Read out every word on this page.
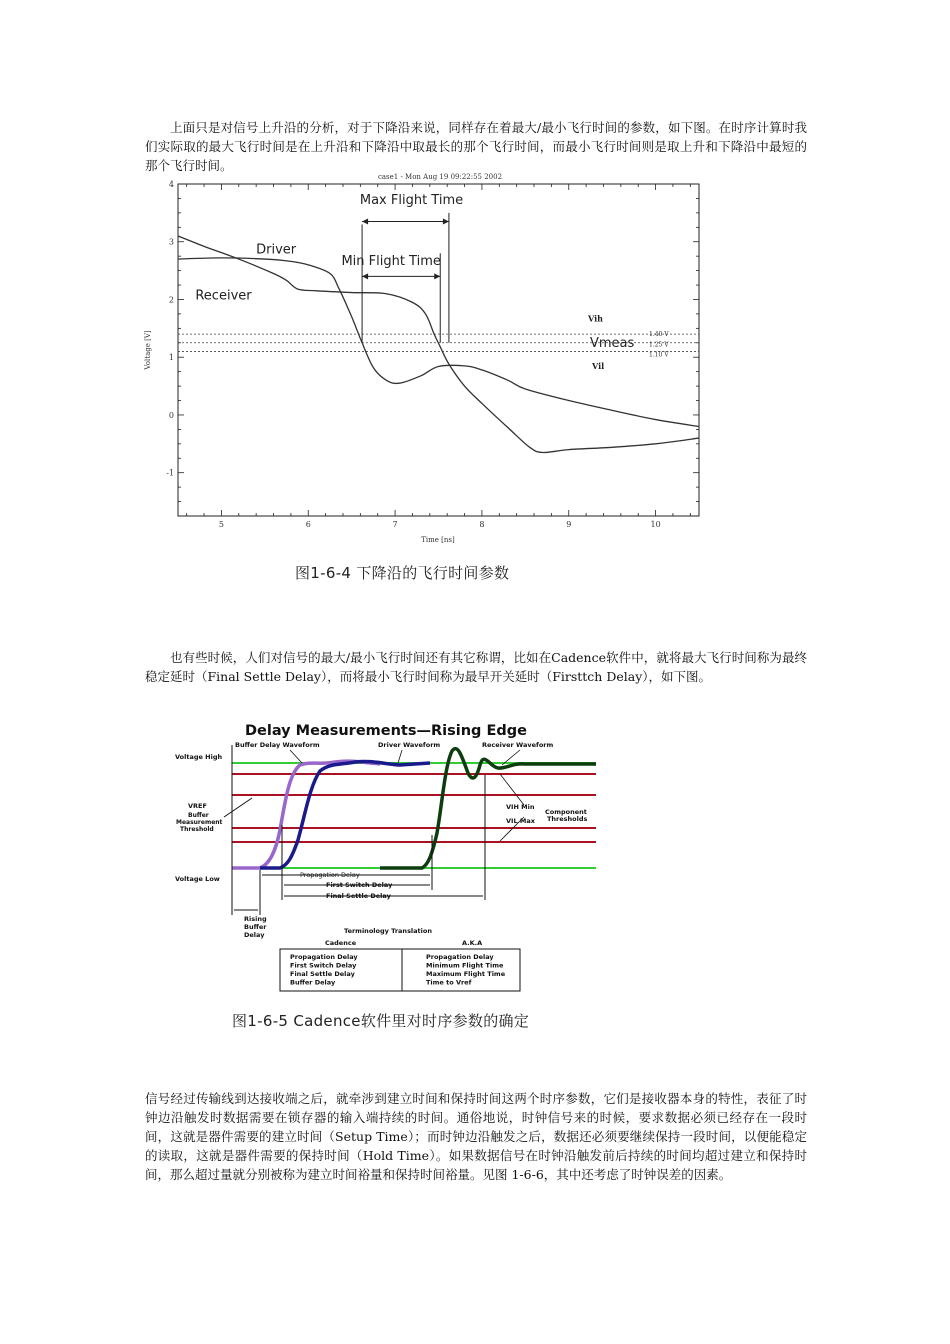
上面只是对信号上升沿的分析，对于下降沿来说，同样存在着最大/最小飞行时间的参数，如下图。在时序计算时我们实际取的最大飞行时间是在上升沿和下降沿中取最长的那个飞行时间，而最小飞行时间则是取上升和下降沿中最短的那个飞行时间。

case1 - Mon Aug 19 09:22:55 2002
-1
0
1
2
3
4
5	6	7	8	9	10
Voltage [V]
Time [ns]
1.40 V
1.25 V
1.10 V
Vih
Vmeas
Vil
Driver
Receiver
Max Flight Time
Min Flight Time
图1-6-4 下降沿的飞行时间参数

也有些时候，人们对信号的最大/最小飞行时间还有其它称谓，比如在Cadence软件中，就将最大飞行时间称为最终稳定延时（Final Settle Delay），而将最小飞行时间称为最早开关延时（Firsttch Delay），如下图。

Delay Measurements—Rising Edge
Propagation Delay
First Switch Delay
Final Settle Delay
Rising Buffer Delay
Voltage High
Voltage Low
VREF
Buffer Measurement Threshold
Buffer Delay Waveform	Driver Waveform	Receiver Waveform
VIH Min
VIL Max
Component Thresholds
Terminology Translation
Cadence	A.K.A
Propagation Delay	Propagation Delay
First Switch Delay	Minimum Flight Time
Final Settle Delay	Maximum Flight Time
Buffer Delay	Time to Vref
图1-6-5 Cadence软件里对时序参数的确定

信号经过传输线到达接收端之后，就牵涉到建立时间和保持时间这两个时序参数，它们是接收器本身的特性，表征了时钟边沿触发时数据需要在锁存器的输入端持续的时间。通俗地说，时钟信号来的时候，要求数据必须已经存在一段时间，这就是器件需要的建立时间（Setup Time）；而时钟边沿触发之后，数据还必须要继续保持一段时间，以便能稳定的读取，这就是器件需要的保持时间（Hold Time）。如果数据信号在时钟沿触发前后持续的时间均超过建立和保持时间，那么超过量就分别被称为建立时间裕量和保持时间裕量。见图 1-6-6，其中还考虑了时钟误差的因素。
